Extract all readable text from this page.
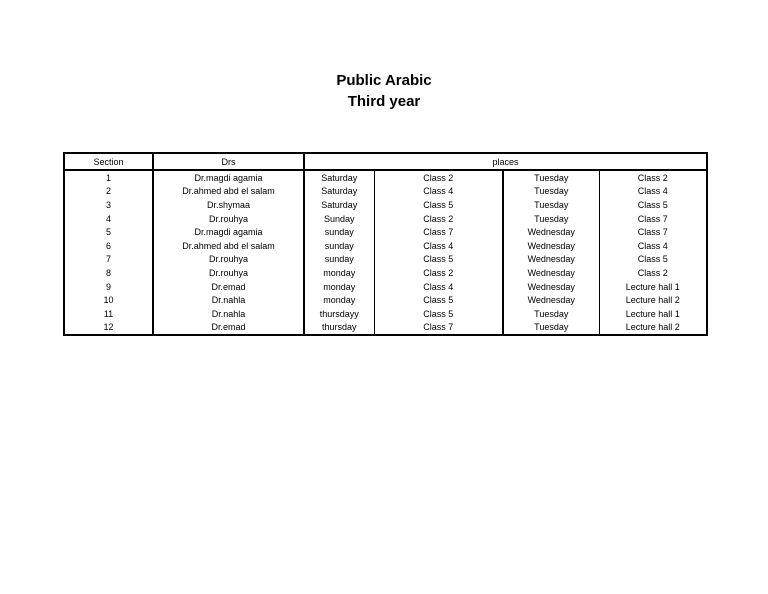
Public Arabic
Third year
Section	Drs	places			
1	Dr.magdi agamia	Saturday	Class 2	Tuesday	Class 2
2	Dr.ahmed abd el salam	Saturday	Class 4	Tuesday	Class 4
3	Dr.shymaa	Saturday	Class 5	Tuesday	Class 5
4	Dr.rouhya	Sunday	Class 2	Tuesday	Class 7
5	Dr.magdi agamia	sunday	Class 7	Wednesday	Class 7
6	Dr.ahmed abd el salam	sunday	Class 4	Wednesday	Class 4
7	Dr.rouhya	sunday	Class 5	Wednesday	Class 5
8	Dr.rouhya	monday	Class 2	Wednesday	Class 2
9	Dr.emad	monday	Class 4	Wednesday	Lecture hall 1
10	Dr.nahla	monday	Class 5	Wednesday	Lecture hall 2
11	Dr.nahla	thursdayy	Class 5	Tuesday	Lecture hall 1
12	Dr.emad	thursday	Class 7	Tuesday	Lecture hall 2
